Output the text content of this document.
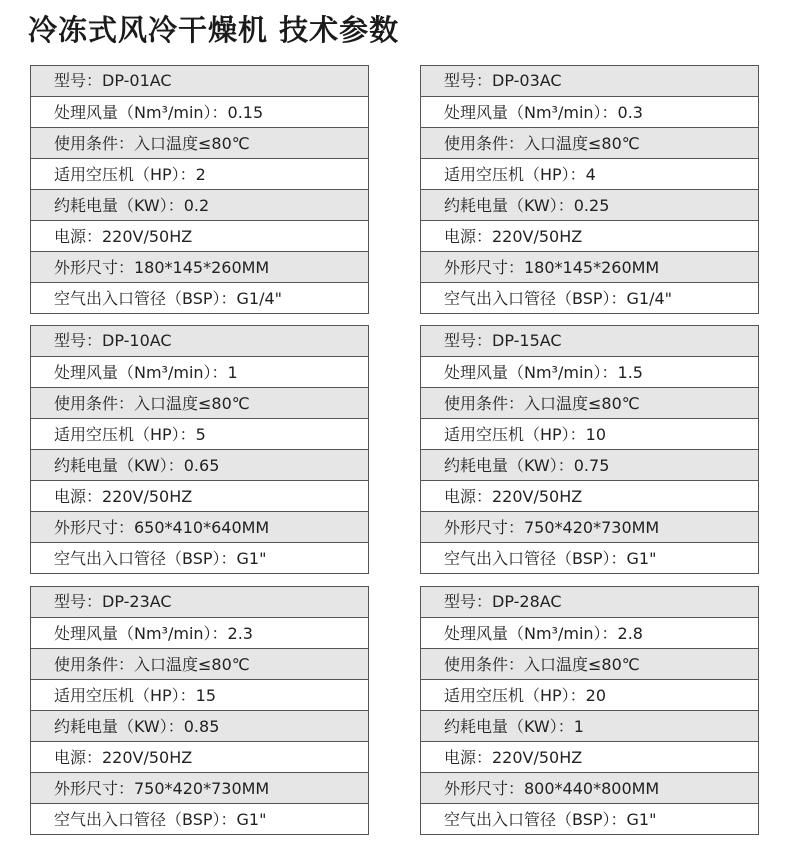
冷冻式风冷干燥机 技术参数
型号：DP-01AC
处理风量（Nm³/min）：0.15
使用条件：入口温度≤80℃
适用空压机（HP）：2
约耗电量（KW）：0.2
电源：220V/50HZ
外形尺寸：180*145*260MM
空气出入口管径（BSP）：G1/4"
型号：DP-03AC
处理风量（Nm³/min）：0.3
使用条件：入口温度≤80℃
适用空压机（HP）：4
约耗电量（KW）：0.25
电源：220V/50HZ
外形尺寸：180*145*260MM
空气出入口管径（BSP）：G1/4"
型号：DP-10AC
处理风量（Nm³/min）：1
使用条件：入口温度≤80℃
适用空压机（HP）：5
约耗电量（KW）：0.65
电源：220V/50HZ
外形尺寸：650*410*640MM
空气出入口管径（BSP）：G1"
型号：DP-15AC
处理风量（Nm³/min）：1.5
使用条件：入口温度≤80℃
适用空压机（HP）：10
约耗电量（KW）：0.75
电源：220V/50HZ
外形尺寸：750*420*730MM
空气出入口管径（BSP）：G1"
型号：DP-23AC
处理风量（Nm³/min）：2.3
使用条件：入口温度≤80℃
适用空压机（HP）：15
约耗电量（KW）：0.85
电源：220V/50HZ
外形尺寸：750*420*730MM
空气出入口管径（BSP）：G1"
型号：DP-28AC
处理风量（Nm³/min）：2.8
使用条件：入口温度≤80℃
适用空压机（HP）：20
约耗电量（KW）：1
电源：220V/50HZ
外形尺寸：800*440*800MM
空气出入口管径（BSP）：G1"
